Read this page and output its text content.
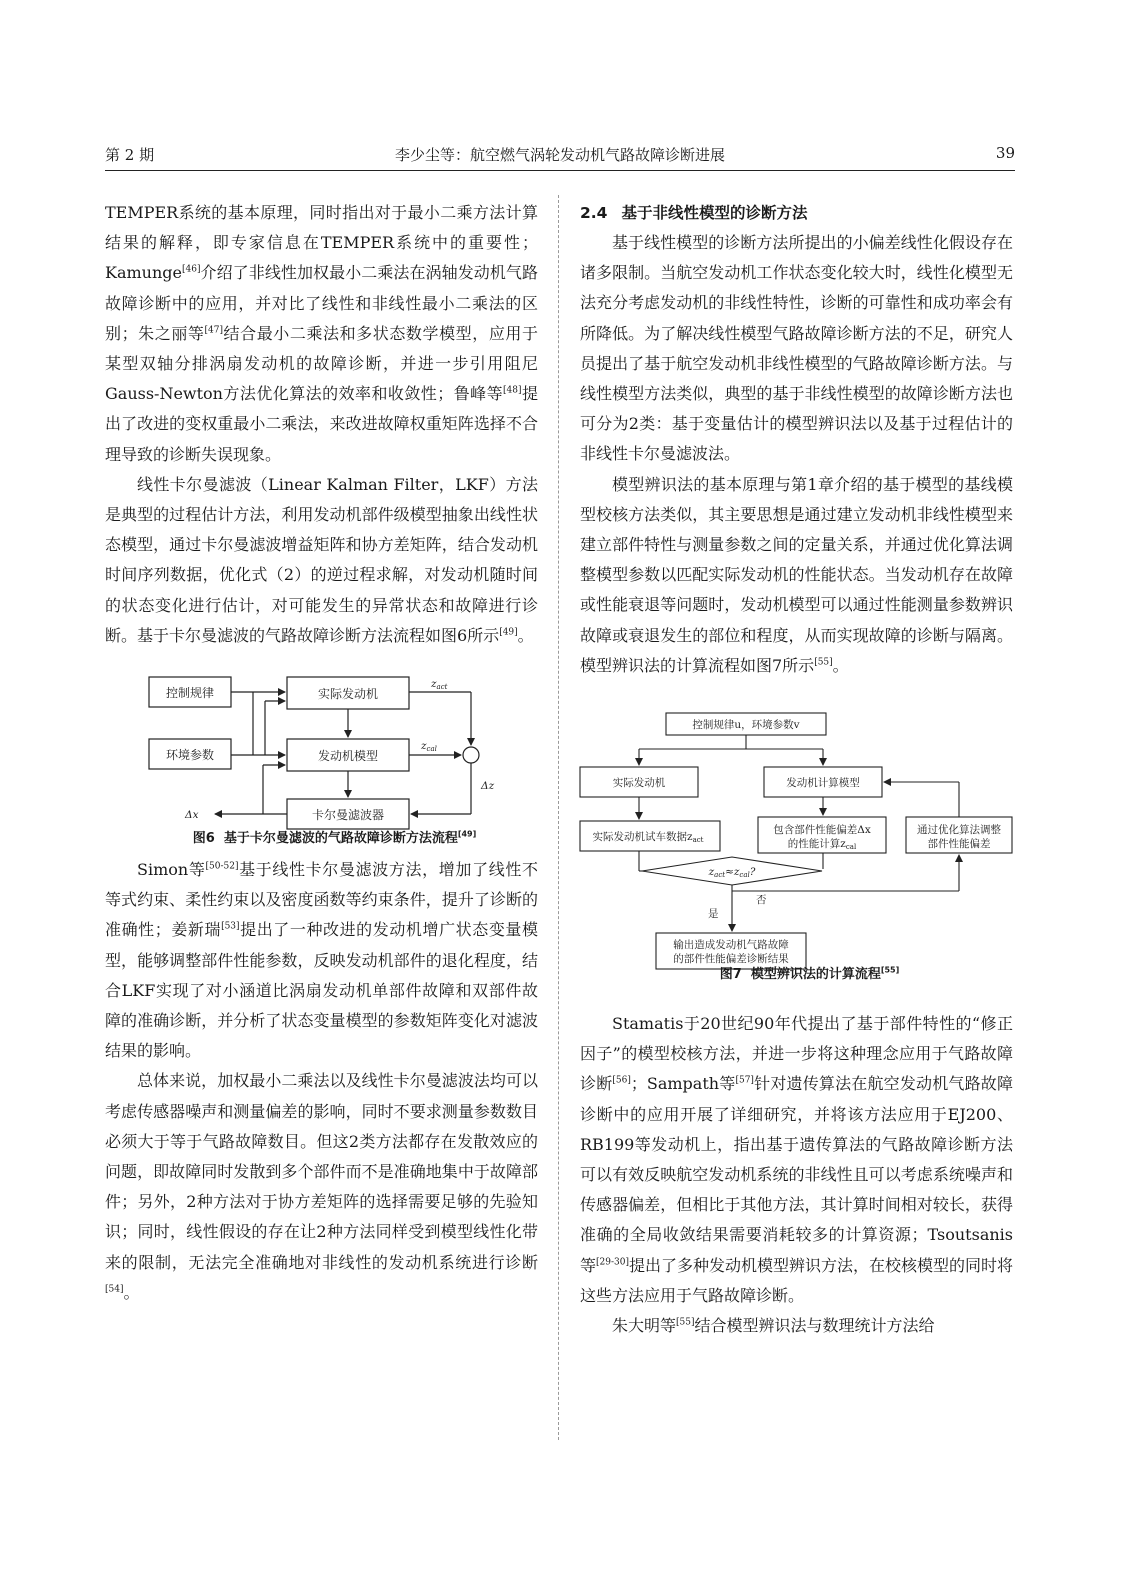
第 2 期	李少尘等：航空燃气涡轮发动机气路故障诊断进展	39

TEMPER系统的基本原理，同时指出对于最小二乘方法计算结果的解释，即专家信息在TEMPER系统中的重要性；Kamunge[46]介绍了非线性加权最小二乘法在涡轴发动机气路故障诊断中的应用，并对比了线性和非线性最小二乘法的区别；朱之丽等[47]结合最小二乘法和多状态数学模型，应用于某型双轴分排涡扇发动机的故障诊断，并进一步引用阻尼Gauss-Newton方法优化算法的效率和收敛性；鲁峰等[48]提出了改进的变权重最小二乘法，来改进故障权重矩阵选择不合理导致的诊断失误现象。

线性卡尔曼滤波（Linear Kalman Filter，LKF）方法是典型的过程估计方法，利用发动机部件级模型抽象出线性状态模型，通过卡尔曼滤波增益矩阵和协方差矩阵，结合发动机时间序列数据，优化式（2）的逆过程求解，对发动机随时间的状态变化进行估计，对可能发生的异常状态和故障进行诊断。基于卡尔曼滤波的气路故障诊断方法流程如图6所示[49]。

控制规律
环境参数
实际发动机
发动机模型
卡尔曼滤波器
zact
zcal
Δz
Δx

图6 基于卡尔曼滤波的气路故障诊断方法流程[49]

Simon等[50-52]基于线性卡尔曼滤波方法，增加了线性不等式约束、柔性约束以及密度函数等约束条件，提升了诊断的准确性；姜新瑞[53]提出了一种改进的发动机增广状态变量模型，能够调整部件性能参数，反映发动机部件的退化程度，结合LKF实现了对小涵道比涡扇发动机单部件故障和双部件故障的准确诊断，并分析了状态变量模型的参数矩阵变化对滤波结果的影响。

总体来说，加权最小二乘法以及线性卡尔曼滤波法均可以考虑传感器噪声和测量偏差的影响，同时不要求测量参数数目必须大于等于气路故障数目。但这2类方法都存在发散效应的问题，即故障同时发散到多个部件而不是准确地集中于故障部件；另外，2种方法对于协方差矩阵的选择需要足够的先验知识；同时，线性假设的存在让2种方法同样受到模型线性化带来的限制，无法完全准确地对非线性的发动机系统进行诊断[54]。

2.4 基于非线性模型的诊断方法

基于线性模型的诊断方法所提出的小偏差线性化假设存在诸多限制。当航空发动机工作状态变化较大时，线性化模型无法充分考虑发动机的非线性特性，诊断的可靠性和成功率会有所降低。为了解决线性模型气路故障诊断方法的不足，研究人员提出了基于航空发动机非线性模型的气路故障诊断方法。与线性模型方法类似，典型的基于非线性模型的故障诊断方法也可分为2类：基于变量估计的模型辨识法以及基于过程估计的非线性卡尔曼滤波法。

模型辨识法的基本原理与第1章介绍的基于模型的基线模型校核方法类似，其主要思想是通过建立发动机非线性模型来建立部件特性与测量参数之间的定量关系，并通过优化算法调整模型参数以匹配实际发动机的性能状态。当发动机存在故障或性能衰退等问题时，发动机模型可以通过性能测量参数辨识故障或衰退发生的部位和程度，从而实现故障的诊断与隔离。模型辨识法的计算流程如图7所示[55]。

控制规律u，环境参数v
实际发动机	发动机计算模型
实际发动机试车数据zact
包含部件性能偏差Δx
的性能计算zcal
通过优化算法调整
部件性能偏差
zact≈zcal?
否
是
输出造成发动机气路故障
的部件性能偏差诊断结果

图7 模型辨识法的计算流程[55]

Stamatis于20世纪90年代提出了基于部件特性的“修正因子”的模型校核方法，并进一步将这种理念应用于气路故障诊断[56]；Sampath等[57]针对遗传算法在航空发动机气路故障诊断中的应用开展了详细研究，并将该方法应用于EJ200、RB199等发动机上，指出基于遗传算法的气路故障诊断方法可以有效反映航空发动机系统的非线性且可以考虑系统噪声和传感器偏差，但相比于其他方法，其计算时间相对较长，获得准确的全局收敛结果需要消耗较多的计算资源；Tsoutsanis等[29-30]提出了多种发动机模型辨识方法，在校核模型的同时将这些方法应用于气路故障诊断。

朱大明等[55]结合模型辨识法与数理统计方法给
